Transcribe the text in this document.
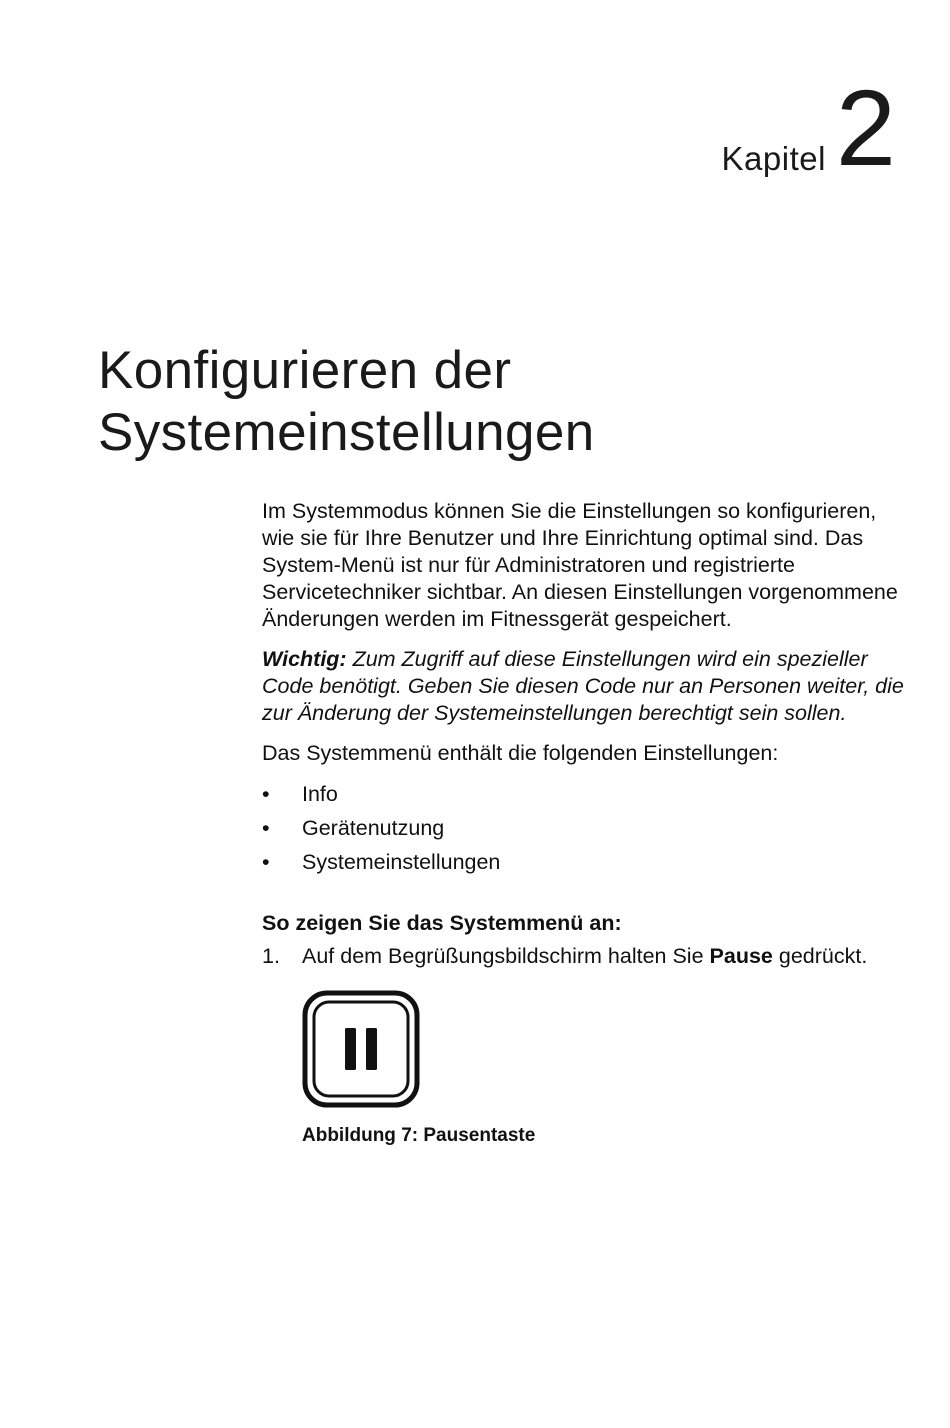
Kapitel 2
Konfigurieren der
Systemeinstellungen

Im Systemmodus können Sie die Einstellungen so konfigurieren, wie sie für Ihre Benutzer und Ihre Einrichtung optimal sind. Das System-Menü ist nur für Administratoren und registrierte Servicetechniker sichtbar. An diesen Einstellungen vorgenommene Änderungen werden im Fitnessgerät gespeichert.

Wichtig: Zum Zugriff auf diese Einstellungen wird ein spezieller Code benötigt. Geben Sie diesen Code nur an Personen weiter, die zur Änderung der Systemeinstellungen berechtigt sein sollen.

Das Systemmenü enthält die folgenden Einstellungen:

• Info
• Gerätenutzung
• Systemeinstellungen

So zeigen Sie das Systemmenü an:

1. Auf dem Begrüßungsbildschirm halten Sie Pause gedrückt.
Abbildung 7: Pausentaste
